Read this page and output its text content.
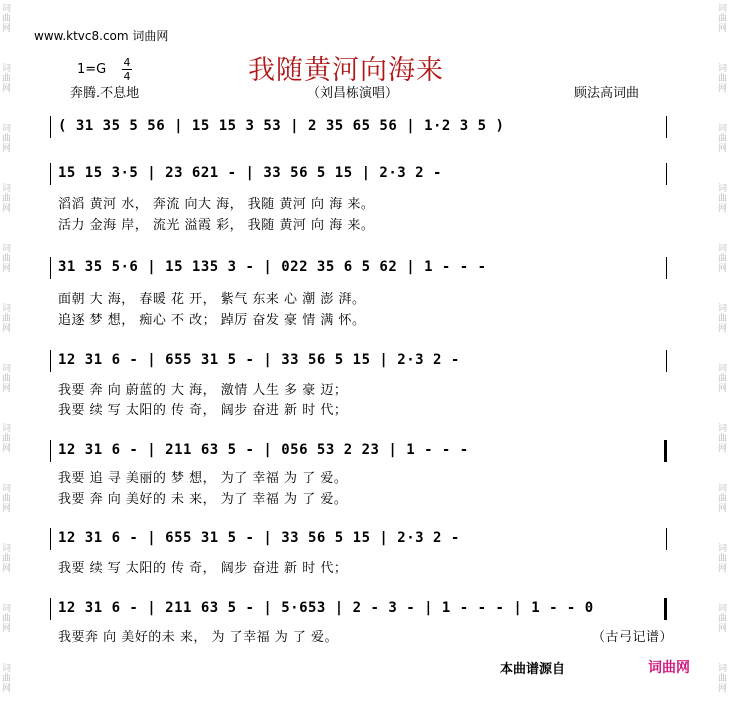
词曲网
词曲网
词曲网
词曲网
词曲网
词曲网
词曲网
词曲网
词曲网
词曲网
词曲网
词曲网
词曲网
词曲网
词曲网
词曲网
词曲网
词曲网
词曲网
词曲网
词曲网
词曲网
词曲网
词曲网
www.ktvc8.com 词曲网
1=G 4
4	我随黄河向海来
奔腾.不息地	（刘昌栋演唱）	顾法高词曲
( 31 35 5 56 | 15 15 3 53 | 2 35 65 56 | 1·2 3 5 )
15 15 3·5 | 23 621 - | 33 56 5 15 | 2·3 2 -
滔滔 黄河 水， 奔流 向大 海， 我随 黄河 向 海 来。
活力 金海 岸， 流光 溢霞 彩， 我随 黄河 向 海 来。
31 35 5·6 | 15 135 3 - | 022 35 6 5 62 | 1 - - -
面朝 大 海， 春暖 花 开， 紫气 东来 心 潮 澎 湃。
追逐 梦 想， 痴心 不 改； 踔厉 奋发 豪 情 满 怀。
12 31 6 - | 655 31 5 - | 33 56 5 15 | 2·3 2 -
我要 奔 向 蔚蓝的 大 海， 激情 人生 多 豪 迈；
我要 续 写 太阳的 传 奇， 阔步 奋进 新 时 代；
12 31 6 - | 211 63 5 - | 056 53 2 23 | 1 - - -
我要 追 寻 美丽的 梦 想， 为了 幸福 为 了 爱。
我要 奔 向 美好的 未 来， 为了 幸福 为 了 爱。
12 31 6 - | 655 31 5 - | 33 56 5 15 | 2·3 2 -
我要 续 写 太阳的 传 奇， 阔步 奋进 新 时 代；
12 31 6 - | 211 63 5 - | 5·653 | 2 - 3 - | 1 - - - | 1 - - 0
我要奔 向 美好的未 来， 为 了幸福 为 了 爱。	（古弓记谱）
本曲谱源自	词曲网
